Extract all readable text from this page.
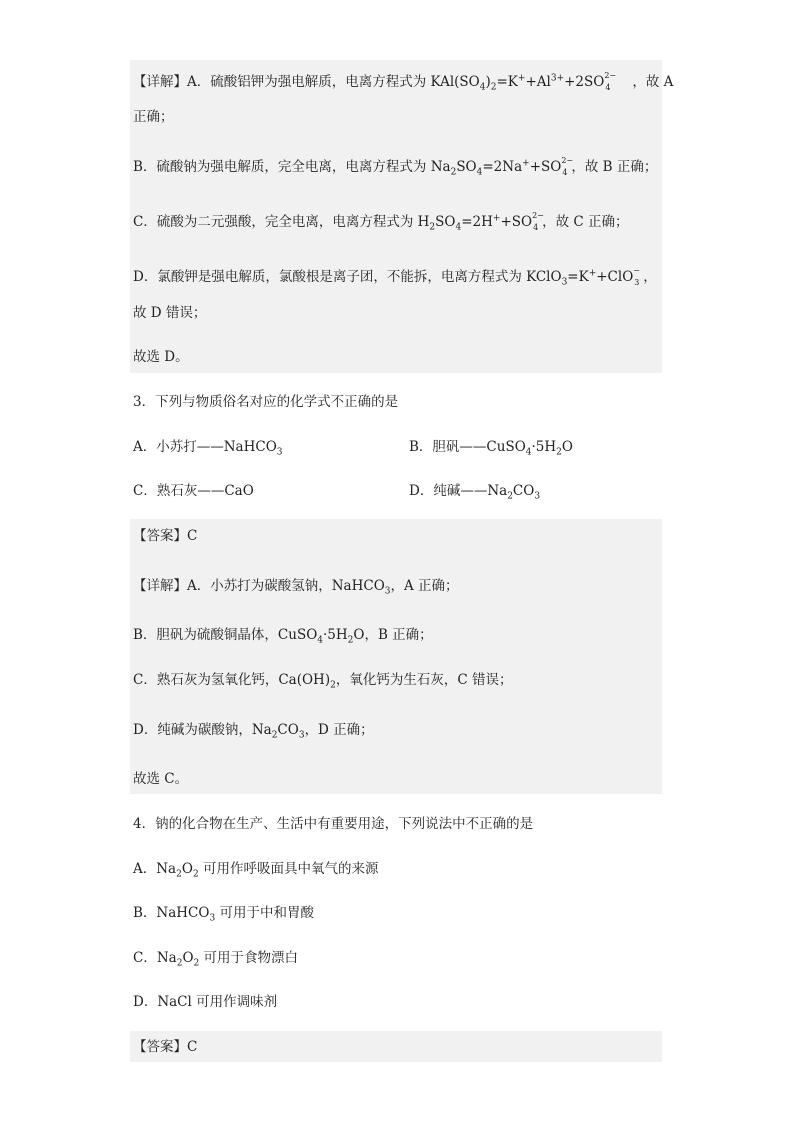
【详解】A．硫酸铝钾为强电解质，电离方程式为 $KAl(SO_4)_2=K^++Al^{3+}+2SO$ 2−
4 ，故 A
正确；
B．硫酸钠为强电解质，完全电离，电离方程式为 $Na_2SO_4=2Na^++SO$ 2−
4 ，故 B 正确；
C．硫酸为二元强酸，完全电离，电离方程式为 $H_2SO_4=2H^++SO$ 2−
4 ，故 C 正确；
D．氯酸钾是强电解质，氯酸根是离子团，不能拆，电离方程式为 KClO$_3$=K++ClO −
3 ，
故 D 错误；
故选 D。
3．下列与物质俗名对应的化学式不正确的是
A．小苏打——NaHCO$_3$	B．胆矾$——CuSO_4\cdot 5H_2O$
C．熟石灰——CaO	D．纯碱$——Na_2CO_3$
【答案】C
【详解】A．小苏打为碳酸氢钠，NaHCO$_3$，A 正确；
B．胆矾为硫酸铜晶体，$CuSO_4\cdot 5H_2O$，B 正确；
C．熟石灰为氢氧化钙，$Ca(OH)_2$，氧化钙为生石灰，C 错误；
D．纯碱为碳酸钠，$Na_2CO_3$，D 正确；
故选 C。
4．钠的化合物在生产、生活中有重要用途，下列说法中不正确的是
A．$Na_2O_2$ 可用作呼吸面具中氧气的来源
B．NaHCO$_3$ 可用于中和胃酸
C．$Na_2O_2$ 可用于食物漂白
D．NaCl 可用作调味剂
【答案】C
